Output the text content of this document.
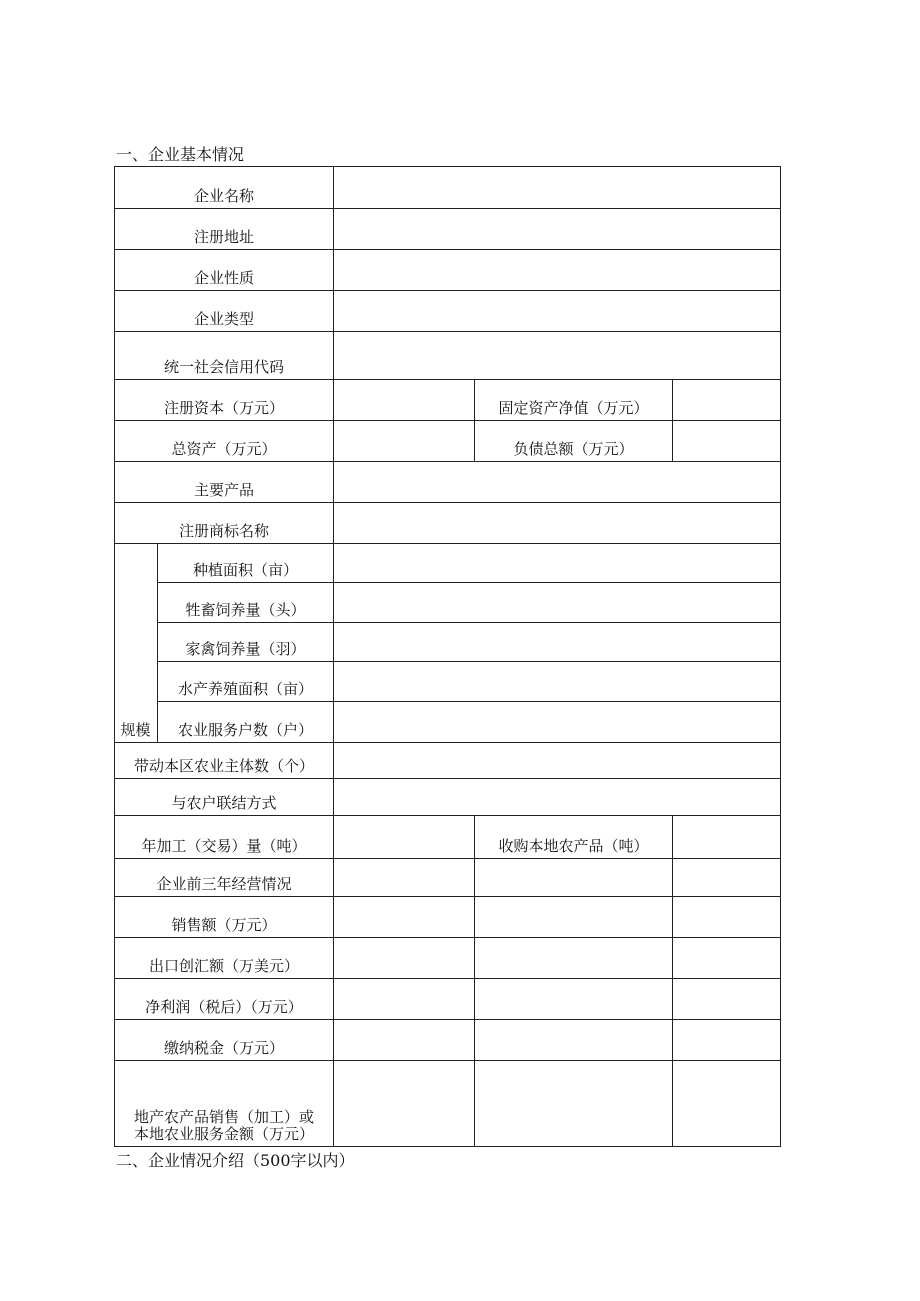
一、企业基本情况
企业名称				
注册地址				
企业性质				
企业类型				
统一社会信用代码				
注册资本（万元）			固定资产净值（万元）	
总资产（万元）			负债总额（万元）	
主要产品				
注册商标名称				
规模	种植面积（亩）			
	牲畜饲养量（头）			
	家禽饲养量（羽）			
	水产养殖面积（亩）			
	农业服务户数（户）			
带动本区农业主体数（个）				
与农户联结方式				
年加工（交易）量（吨）			收购本地农产品（吨）	
企业前三年经营情况				
销售额（万元）				
出口创汇额（万美元）				
净利润（税后）（万元）				
缴纳税金（万元）				
地产农产品销售（加工）或
本地农业服务金额（万元）				
二、企业情况介绍（500字以内）
